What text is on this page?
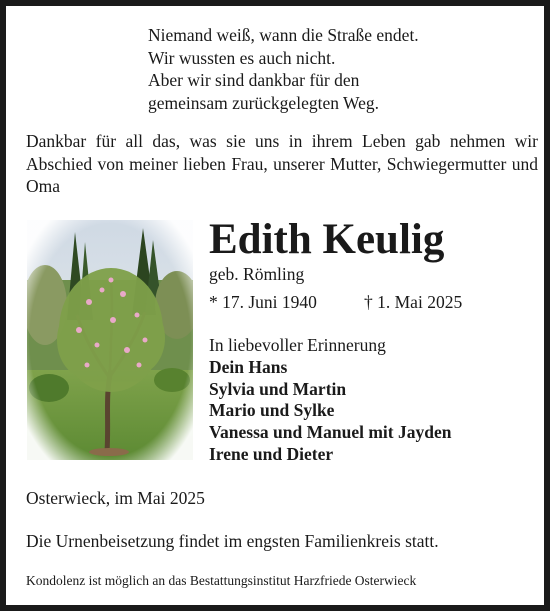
Niemand weiß, wann die Straße endet.
Wir wussten es auch nicht.
Aber wir sind dankbar für den
gemeinsam zurückgelegten Weg.
Dankbar für all das, was sie uns in ihrem Leben gab nehmen wir Abschied von meiner lieben Frau, unserer Mutter, Schwiegermutter und Oma
Edith Keulig
geb. Römling
* 17. Juni 1940	† 1. Mai 2025
In liebevoller Erinnerung
Dein Hans
Sylvia und Martin
Mario und Sylke
Vanessa und Manuel mit Jayden
Irene und Dieter
Osterwieck, im Mai 2025
Die Urnenbeisetzung findet im engsten Familienkreis statt.
Kondolenz ist möglich an das Bestattungsinstitut Harzfriede Osterwieck
